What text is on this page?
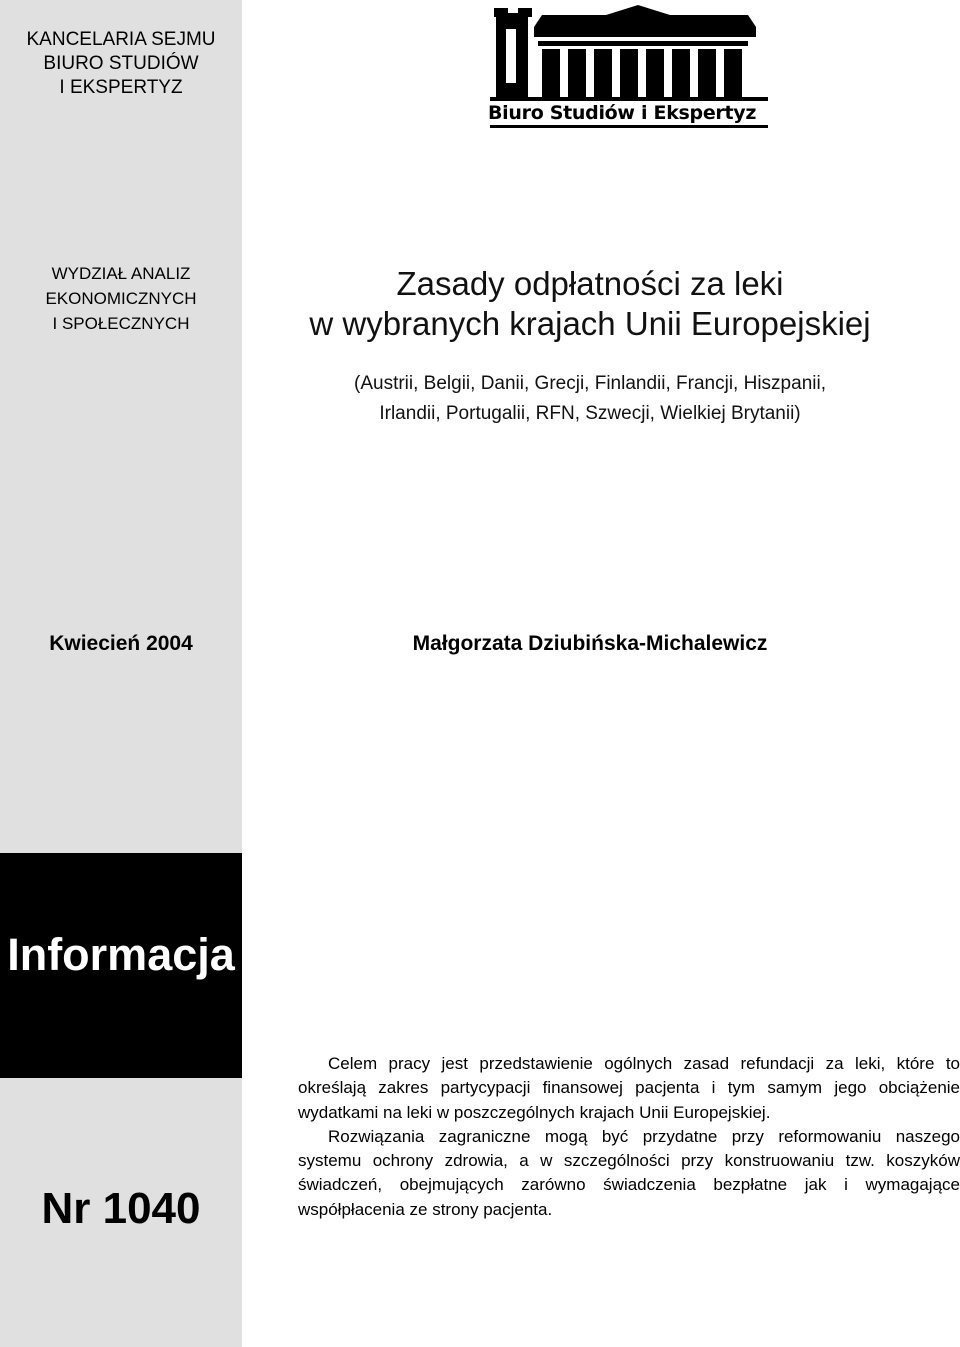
KANCELARIA SEJMU
BIURO STUDIÓW
I EKSPERTYZ
WYDZIAŁ ANALIZ
EKONOMICZNYCH
I SPOŁECZNYCH
Kwiecień 2004
Informacja
Nr 1040
Biuro Studiów i Ekspertyz
Zasady odpłatności za leki
w wybranych krajach Unii Europejskiej
(Austrii, Belgii, Danii, Grecji, Finlandii, Francji, Hiszpanii,
Irlandii, Portugalii, RFN, Szwecji, Wielkiej Brytanii)
Małgorzata Dziubińska-Michalewicz

Celem pracy jest przedstawienie ogólnych zasad refundacji za leki, które to określają zakres partycypacji finansowej pacjenta i tym samym jego obciążenie wydatkami na leki w poszczególnych krajach Unii Europejskiej.

Rozwiązania zagraniczne mogą być przydatne przy reformowaniu naszego systemu ochrony zdrowia, a w szczególności przy konstruowaniu tzw. koszyków świadczeń, obejmujących zarówno świadczenia bezpłatne jak i wymagające współpłacenia ze strony pacjenta.
